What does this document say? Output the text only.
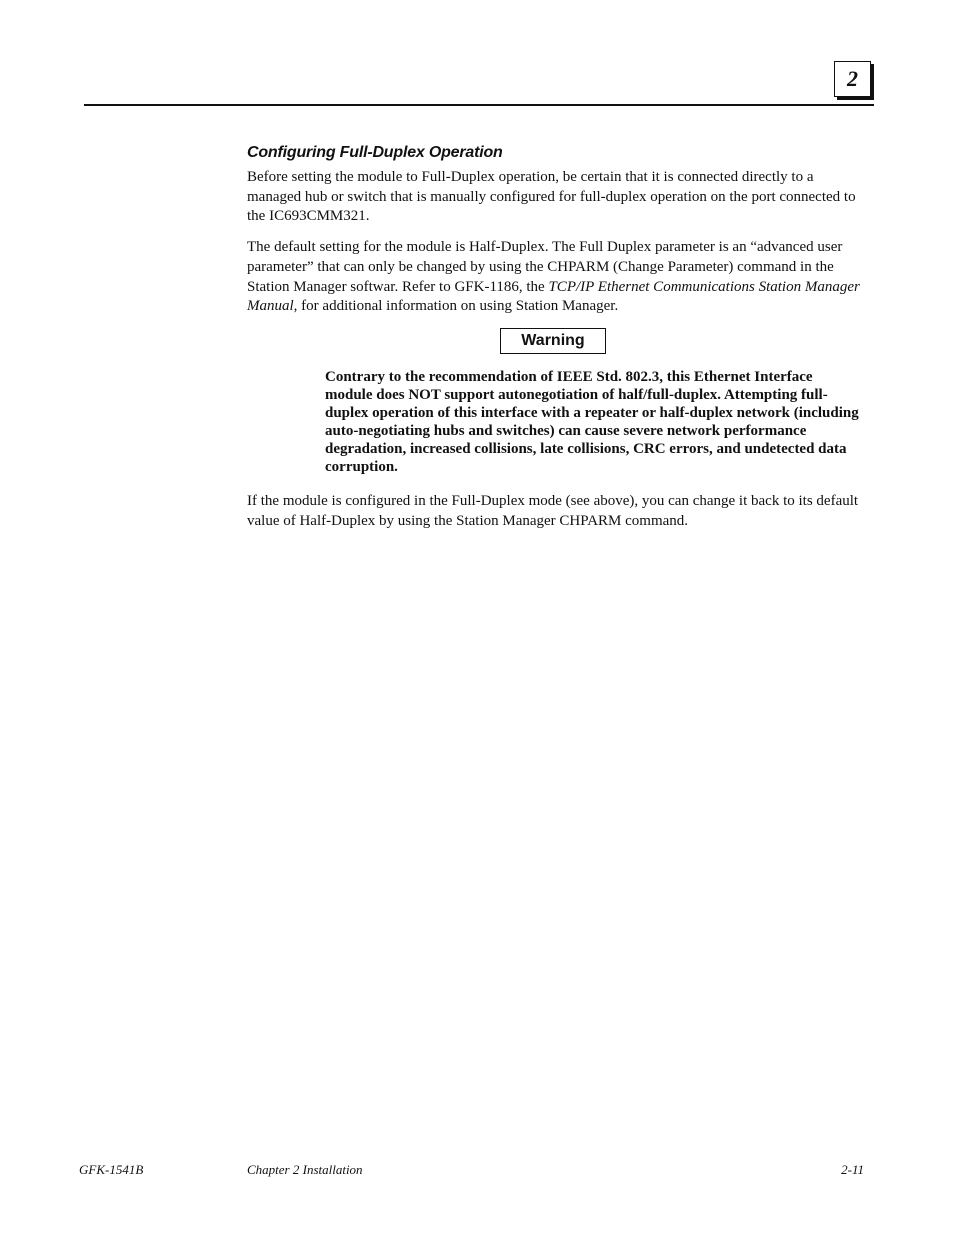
2
Configuring Full-Duplex Operation

Before setting the module to Full-Duplex operation, be certain that it is connected directly to a managed hub or switch that is manually configured for full-duplex operation on the port connected to the IC693CMM321.

The default setting for the module is Half-Duplex. The Full Duplex parameter is an “advanced user parameter” that can only be changed by using the CHPARM (Change Parameter) command in the Station Manager softwar. Refer to GFK-1186, the TCP/IP Ethernet Communications Station Manager Manual, for additional information on using Station Manager.

Warning

Contrary to the recommendation of IEEE Std. 802.3, this Ethernet Interface module does NOT support autonegotiation of half/full-duplex. Attempting full-duplex operation of this interface with a repeater or half-duplex network (including auto-negotiating hubs and switches) can cause severe network performance degradation, increased collisions, late collisions, CRC errors, and undetected data corruption.

If the module is configured in the Full-Duplex mode (see above), you can change it back to its default value of Half-Duplex by using the Station Manager CHPARM command.

GFK-1541B	Chapter 2 Installation	2-11
